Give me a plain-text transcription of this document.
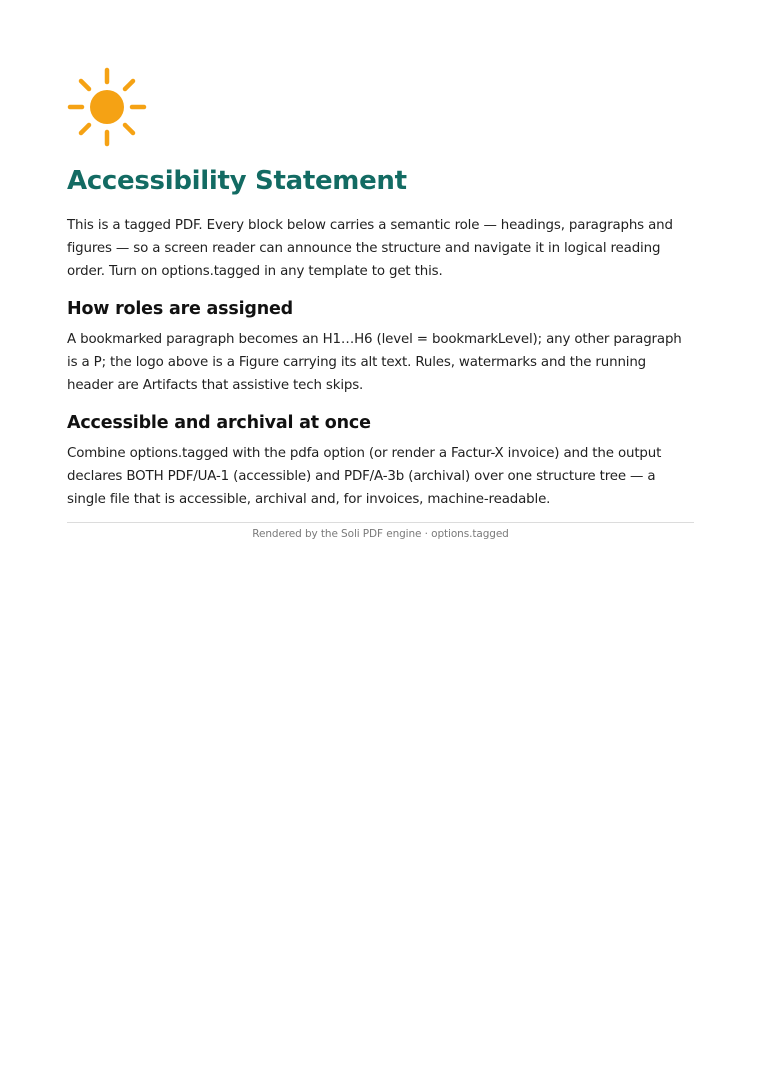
Accessibility Statement

This is a tagged PDF. Every block below carries a semantic role — headings, paragraphs and figures — so a screen reader can announce the structure and navigate it in logical reading order. Turn on options.tagged in any template to get this.

How roles are assigned

A bookmarked paragraph becomes an H1…H6 (level = bookmarkLevel); any other paragraph is a P; the logo above is a Figure carrying its alt text. Rules, watermarks and the running header are Artifacts that assistive tech skips.

Accessible and archival at once

Combine options.tagged with the pdfa option (or render a Factur-X invoice) and the output declares BOTH PDF/UA-1 (accessible) and PDF/A-3b (archival) over one structure tree — a single file that is accessible, archival and, for invoices, machine-readable.

Rendered by the Soli PDF engine · options.tagged
